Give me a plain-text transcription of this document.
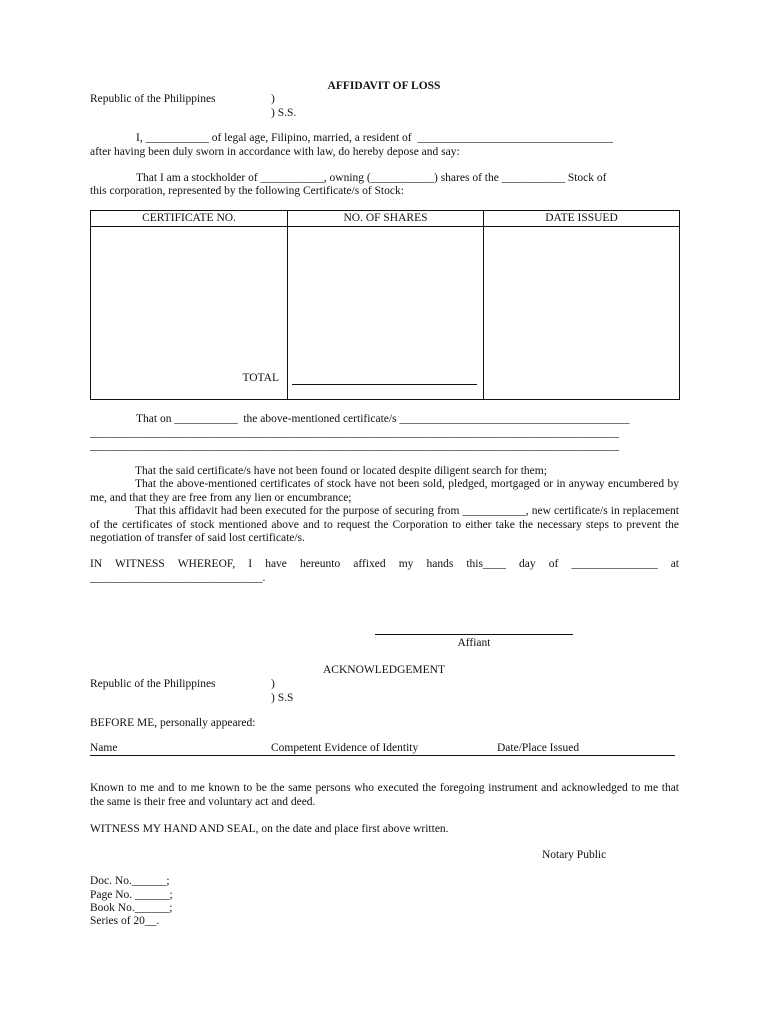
AFFIDAVIT OF LOSS
Republic of the Philippines	)
) S.S.
I, ___________ of legal age, Filipino, married, a resident of  __________________________________
after having been duly sworn in accordance with law, do hereby depose and say:
That I am a stockholder of ___________, owning (___________) shares of the ___________ Stock of
this corporation, represented by the following Certificate/s of Stock:
CERTIFICATE NO.	NO. OF SHARES	DATE ISSUED

TOTAL		

That on ___________  the above-mentioned certificate/s ________________________________________
____________________________________________________________________________________________
____________________________________________________________________________________________
That the said certificate/s have not been found or located despite diligent search for them;
That the above-mentioned certificates of stock have not been sold, pledged, mortgaged or in anyway encumbered by me, and that they are free from any lien or encumbrance;
That this affidavit had been executed for the purpose of securing from ___________, new certificate/s in replacement of the certificates of stock mentioned above and to request the Corporation to either take the necessary steps to prevent the negotiation of transfer of said lost certificate/s.
IN WITNESS WHEREOF, I have hereunto affixed my hands this____ day of _______________ at
______________________________.
Affiant
ACKNOWLEDGEMENT
Republic of the Philippines	)
) S.S
BEFORE ME, personally appeared:
Name	Competent Evidence of Identity	Date/Place Issued
Known to me and to me known to be the same persons who executed the foregoing instrument and acknowledged to me that the same is their free and voluntary act and deed.
WITNESS MY HAND AND SEAL, on the date and place first above written.
Notary Public
Doc. No.______;
Page No. ______;
Book No.______;
Series of 20__.
